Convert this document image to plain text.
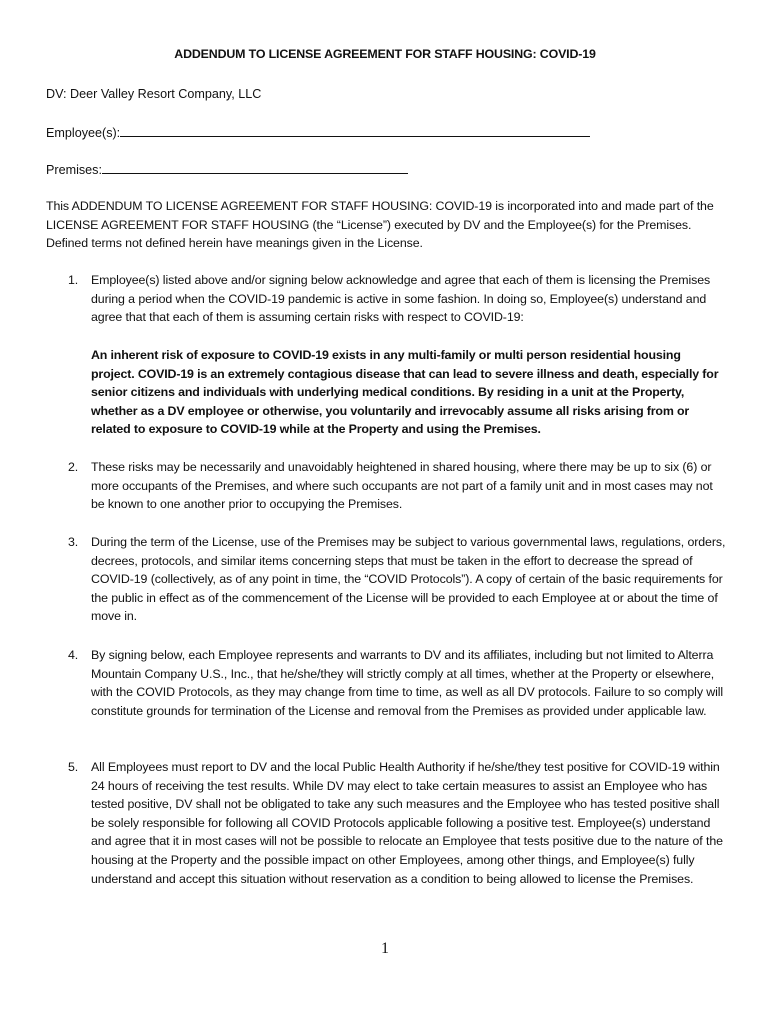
ADDENDUM TO LICENSE AGREEMENT FOR STAFF HOUSING: COVID-19
DV: Deer Valley Resort Company, LLC
Employee(s):
Premises:
This ADDENDUM TO LICENSE AGREEMENT FOR STAFF HOUSING: COVID-19 is incorporated into and made part of the LICENSE AGREEMENT FOR STAFF HOUSING (the “License”) executed by DV and the Employee(s) for the Premises. Defined terms not defined herein have meanings given in the License.
1. Employee(s) listed above and/or signing below acknowledge and agree that each of them is licensing the Premises during a period when the COVID-19 pandemic is active in some fashion. In doing so, Employee(s) understand and agree that that each of them is assuming certain risks with respect to COVID-19:
An inherent risk of exposure to COVID-19 exists in any multi-family or multi person residential housing project. COVID-19 is an extremely contagious disease that can lead to severe illness and death, especially for senior citizens and individuals with underlying medical conditions. By residing in a unit at the Property, whether as a DV employee or otherwise, you voluntarily and irrevocably assume all risks arising from or related to exposure to COVID-19 while at the Property and using the Premises.
2. These risks may be necessarily and unavoidably heightened in shared housing, where there may be up to six (6) or more occupants of the Premises, and where such occupants are not part of a family unit and in most cases may not be known to one another prior to occupying the Premises.
3. During the term of the License, use of the Premises may be subject to various governmental laws, regulations, orders, decrees, protocols, and similar items concerning steps that must be taken in the effort to decrease the spread of COVID-19 (collectively, as of any point in time, the “COVID Protocols”). A copy of certain of the basic requirements for the public in effect as of the commencement of the License will be provided to each Employee at or about the time of move in.
4. By signing below, each Employee represents and warrants to DV and its affiliates, including but not limited to Alterra Mountain Company U.S., Inc., that he/she/they will strictly comply at all times, whether at the Property or elsewhere, with the COVID Protocols, as they may change from time to time, as well as all DV protocols. Failure to so comply will constitute grounds for termination of the License and removal from the Premises as provided under applicable law.
5. All Employees must report to DV and the local Public Health Authority if he/she/they test positive for COVID-19 within 24 hours of receiving the test results. While DV may elect to take certain measures to assist an Employee who has tested positive, DV shall not be obligated to take any such measures and the Employee who has tested positive shall be solely responsible for following all COVID Protocols applicable following a positive test. Employee(s) understand and agree that it in most cases will not be possible to relocate an Employee that tests positive due to the nature of the housing at the Property and the possible impact on other Employees, among other things, and Employee(s) fully understand and accept this situation without reservation as a condition to being allowed to license the Premises.
1
